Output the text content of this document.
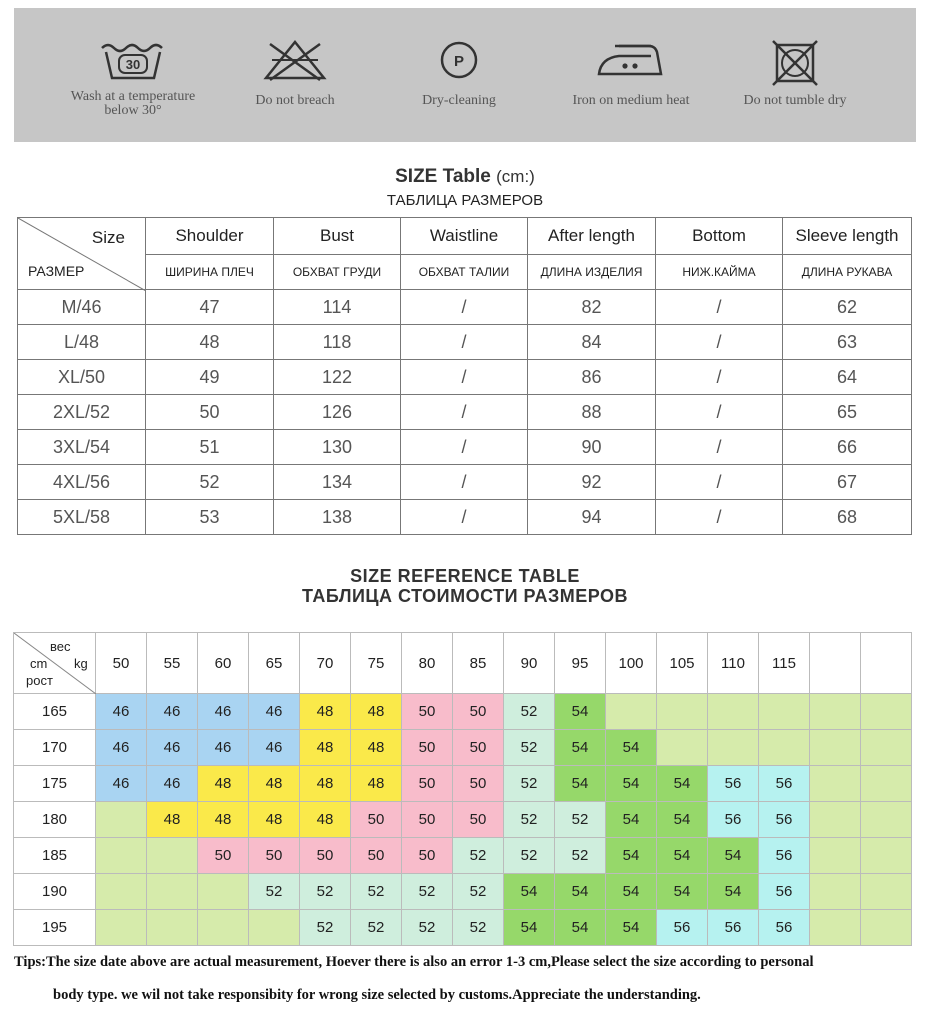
30
Wash at a temperature
below 30°
Do not breach
P
Dry-cleaning	Iron on medium heat	Do not tumble dry
SIZE Table (cm:)
ТАБЛИЦА РАЗМЕРОВ
Size
РАЗМЕР	Shoulder	Bust	Waistline	After length	Bottom	Sleeve length
	ШИРИНА ПЛЕЧ	ОБХВАТ ГРУДИ	ОБХВАТ ТАЛИИ	ДЛИНА ИЗДЕЛИЯ	НИЖ.КАЙМА	ДЛИНА РУКАВА
M/46	47	114	/	82	/	62
L/48	48	118	/	84	/	63
XL/50	49	122	/	86	/	64
2XL/52	50	126	/	88	/	65
3XL/54	51	130	/	90	/	66
4XL/56	52	134	/	92	/	67
5XL/58	53	138	/	94	/	68
SIZE REFERENCE TABLE
ТАБЛИЦА СТОИМОСТИ РАЗМЕРОВ
вес
cm kg
рост	50	55	60	65	70	75	80	85	90	95	100	105	110	115		
165	46	46	46	46	48	48	50	50	52	54						
170	46	46	46	46	48	48	50	50	52	54	54					
175	46	46	48	48	48	48	50	50	52	54	54	54	56	56		
180		48	48	48	48	50	50	50	52	52	54	54	56	56		
185			50	50	50	50	50	52	52	52	54	54	54	56		
190				52	52	52	52	52	54	54	54	54	54	56		
195					52	52	52	52	54	54	54	56	56	56		
Tips:The size date above are actual measurement, Hoever there is also an error 1-3 cm,Please select the size according to personal
body type. we wil not take responsibity for wrong size selected by customs.Appreciate the understanding.
